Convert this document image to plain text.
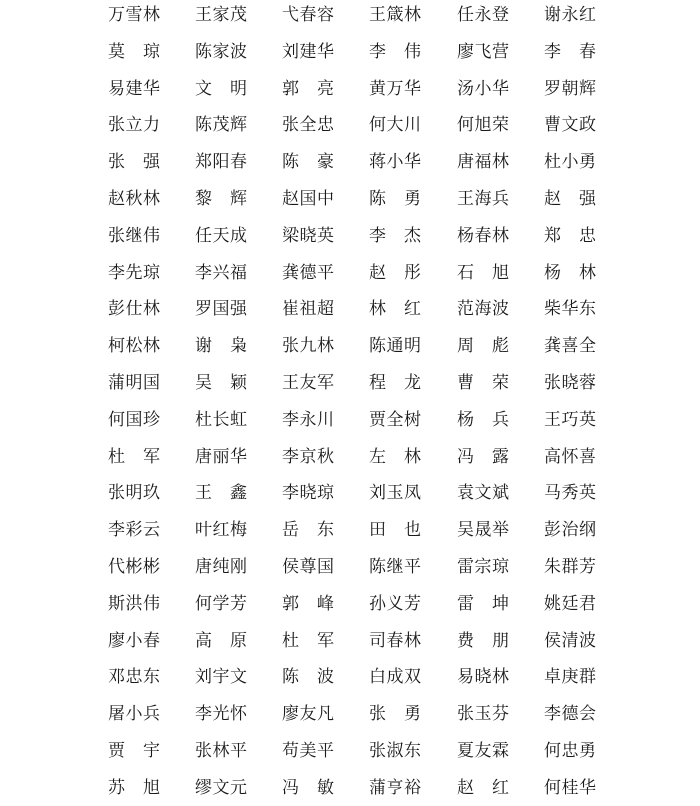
万雪林 王家茂 弋春容 王箴林 任永登 谢永红
莫琼 陈家波 刘建华 李伟 廖飞营 李春
易建华 文明 郭亮 黄万华 汤小华 罗朝辉
张立力 陈茂辉 张全忠 何大川 何旭荣 曹文政
张强 郑阳春 陈豪 蒋小华 唐福林 杜小勇
赵秋林 黎辉 赵国中 陈勇 王海兵 赵强
张继伟 任天成 梁晓英 李杰 杨春林 郑忠
李先琼 李兴福 龚德平 赵彤 石旭 杨林
彭仕林 罗国强 崔祖超 林红 范海波 柴华东
柯松林 谢枭 张九林 陈通明 周彪 龚喜全
蒲明国 吴颖 王友军 程龙 曹荣 张晓蓉
何国珍 杜长虹 李永川 贾全树 杨兵 王巧英
杜军 唐丽华 李京秋 左林 冯露 高怀喜
张明玖 王鑫 李晓琼 刘玉凤 袁文斌 马秀英
李彩云 叶红梅 岳东 田也 吴晟举 彭治纲
代彬彬 唐纯刚 侯尊国 陈继平 雷宗琼 朱群芳
斯洪伟 何学芳 郭峰 孙义芳 雷坤 姚廷君
廖小春 高原 杜军 司春林 费朋 侯清波
邓忠东 刘宇文 陈波 白成双 易晓林 卓庚群
屠小兵 李光怀 廖友凡 张勇 张玉芬 李德会
贾宇 张林平 苟美平 张淑东 夏友霖 何忠勇
苏旭 缪文元 冯敏 蒲亨裕 赵红 何桂华
